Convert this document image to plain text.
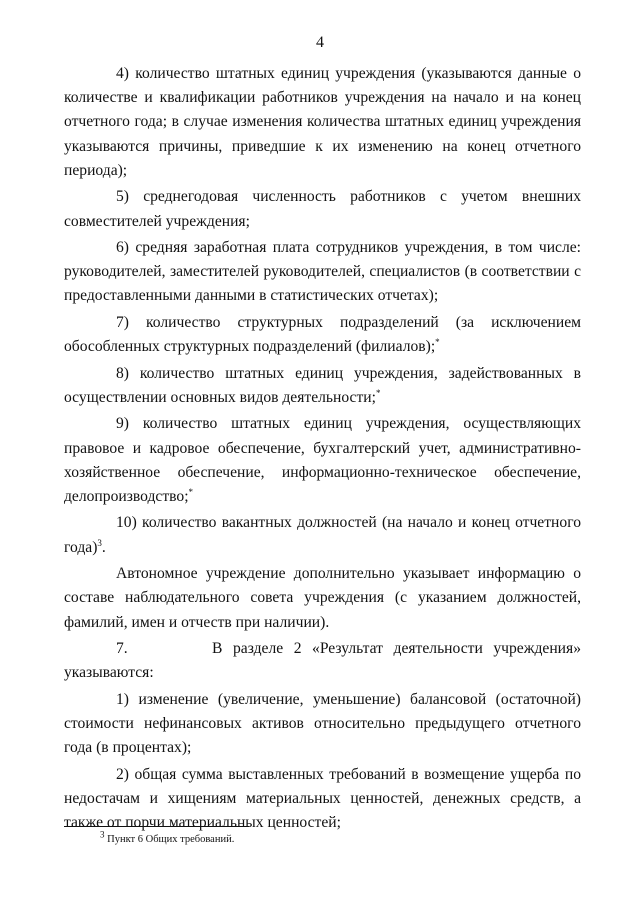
4

4) количество штатных единиц учреждения (указываются данные о количестве и квалификации работников учреждения на начало и на конец отчетного года; в случае изменения количества штатных единиц учреждения указываются причины, приведшие к их изменению на конец отчетного периода);

5) среднегодовая численность работников с учетом внешних совместителей учреждения;

6) средняя заработная плата сотрудников учреждения, в том числе: руководителей, заместителей руководителей, специалистов (в соответствии с предоставленными данными в статистических отчетах);

7) количество структурных подразделений (за исключением обособленных структурных подразделений (филиалов);*

8) количество штатных единиц учреждения, задействованных в осуществлении основных видов деятельности;*

9) количество штатных единиц учреждения, осуществляющих правовое и кадровое обеспечение, бухгалтерский учет, административно-хозяйственное обеспечение, информационно-техническое обеспечение, делопроизводство;*

10) количество вакантных должностей (на начало и конец отчетного года)$^3$.

Автономное учреждение дополнительно указывает информацию о составе наблюдательного совета учреждения (с указанием должностей, фамилий, имен и отчеств при наличии).

7.        В разделе 2 «Результат деятельности учреждения» указываются:

1) изменение (увеличение, уменьшение) балансовой (остаточной) стоимости нефинансовых активов относительно предыдущего отчетного года (в процентах);

2) общая сумма выставленных требований в возмещение ущерба по недостачам и хищениям материальных ценностей, денежных средств, а также от порчи материальных ценностей;

$^3$ Пункт 6 Общих требований.
